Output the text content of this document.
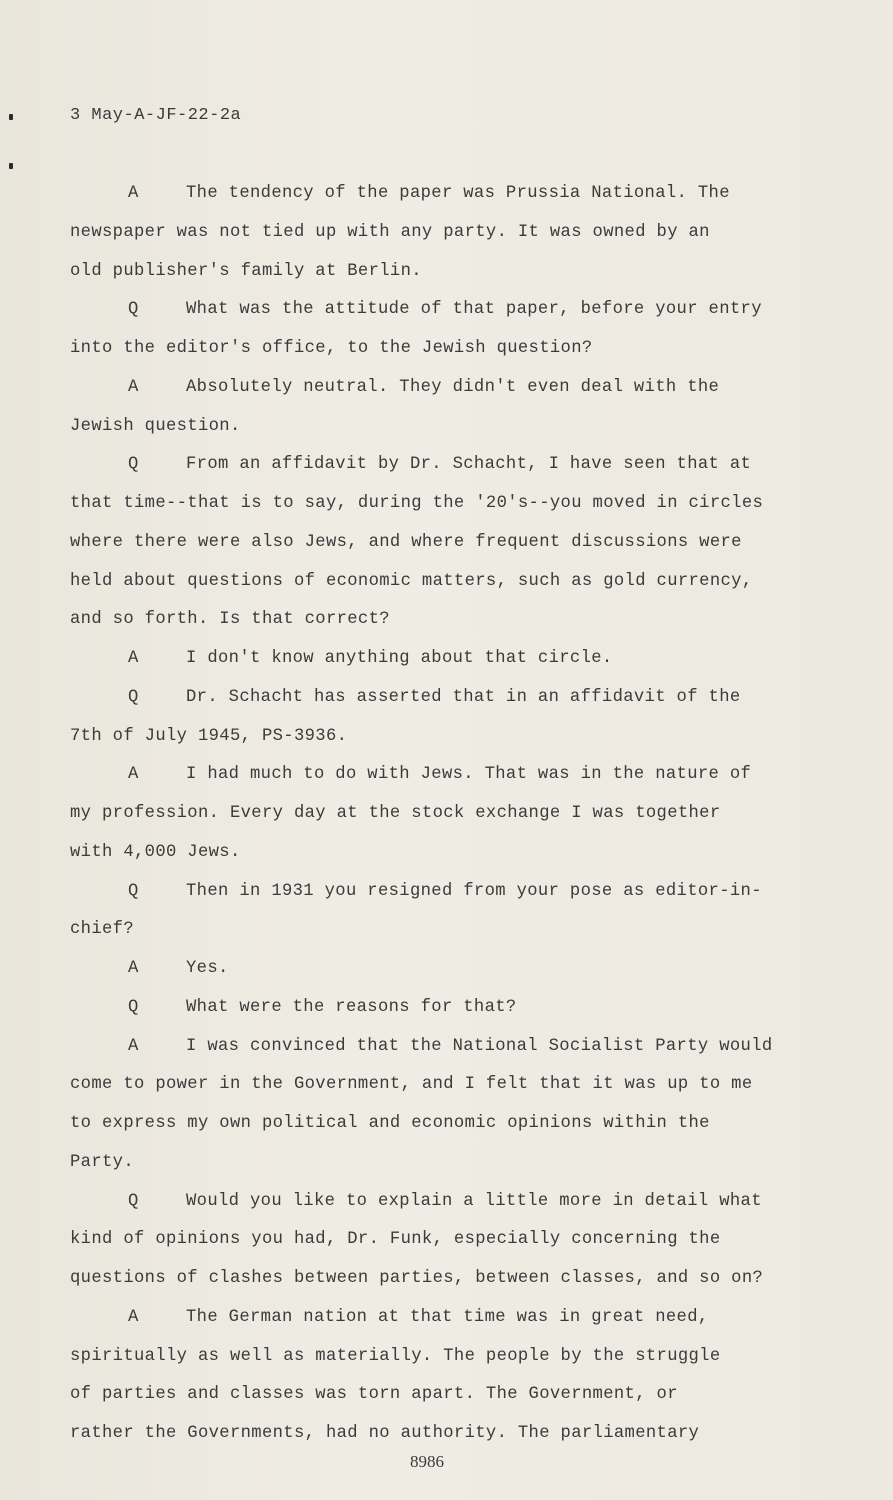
3 May-A-JF-22-2a
A	The tendency of the paper was Prussia National. The
newspaper was not tied up with any party. It was owned by an
old publisher's family at Berlin.
Q	What was the attitude of that paper, before your entry
into the editor's office, to the Jewish question?
A	Absolutely neutral. They didn't even deal with the
Jewish question.
Q	From an affidavit by Dr. Schacht, I have seen that at
that time--that is to say, during the '20's--you moved in circles
where there were also Jews, and where frequent discussions were
held about questions of economic matters, such as gold currency,
and so forth. Is that correct?
A	I don't know anything about that circle.
Q	Dr. Schacht has asserted that in an affidavit of the
7th of July 1945, PS-3936.
A	I had much to do with Jews. That was in the nature of
my profession. Every day at the stock exchange I was together
with 4,000 Jews.
Q	Then in 1931 you resigned from your pose as editor-in-
chief?
A	Yes.
Q	What were the reasons for that?
A	I was convinced that the National Socialist Party would
come to power in the Government, and I felt that it was up to me
to express my own political and economic opinions within the
Party.
Q	Would you like to explain a little more in detail what
kind of opinions you had, Dr. Funk, especially concerning the
questions of clashes between parties, between classes, and so on?
A	The German nation at that time was in great need,
spiritually as well as materially. The people by the struggle
of parties and classes was torn apart. The Government, or
rather the Governments, had no authority. The parliamentary
8986
